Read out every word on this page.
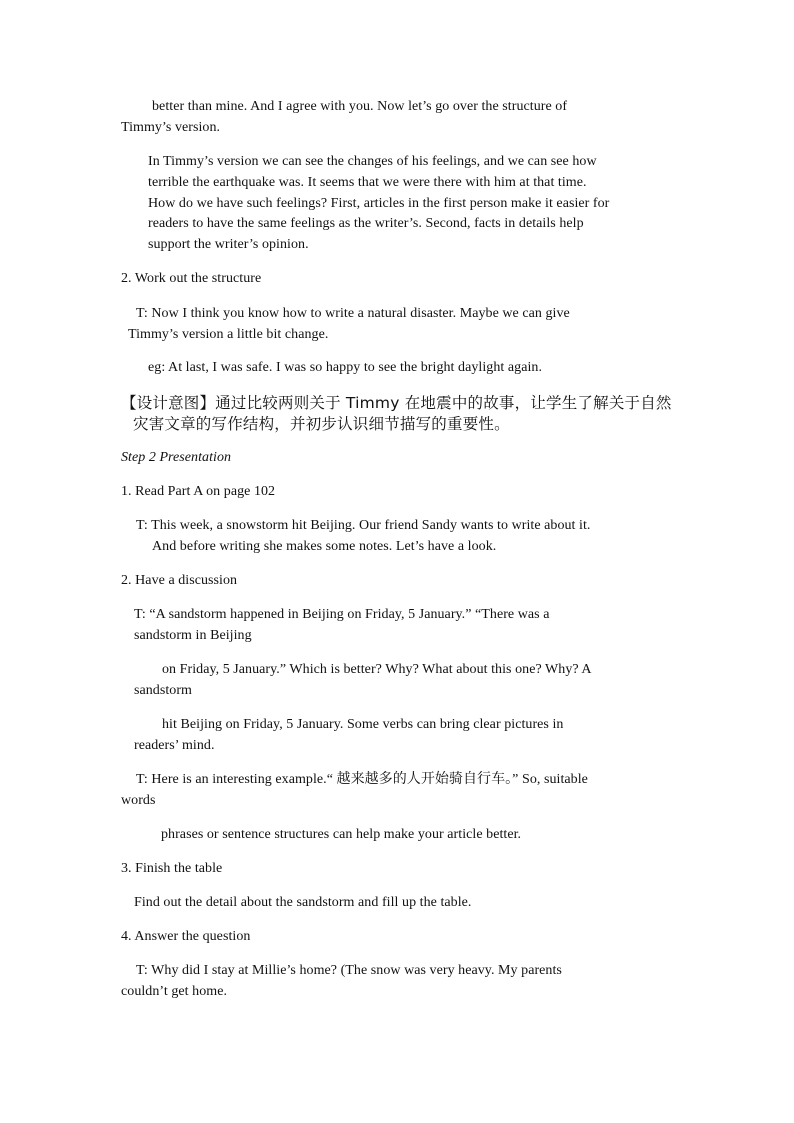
better than mine. And I agree with you. Now let’s go over the structure of
Timmy’s version.
In Timmy’s version we can see the changes of his feelings, and we can see how
terrible the earthquake was. It seems that we were there with him at that time.
How do we have such feelings? First, articles in the first person make it easier for
readers to have the same feelings as the writer’s. Second, facts in details help
support the writer’s opinion.
2. Work out the structure
T: Now I think you know how to write a natural disaster. Maybe we can give
Timmy’s version a little bit change.
eg: At last, I was safe. I was so happy to see the bright daylight again.
【设计意图】通过比较两则关于 Timmy 在地震中的故事，让学生了解关于自然
灾害文章的写作结构，并初步认识细节描写的重要性。
Step 2 Presentation
1. Read Part A on page 102
T: This week, a snowstorm hit Beijing. Our friend Sandy wants to write about it.
And before writing she makes some notes. Let’s have a look.
2. Have a discussion
T: “A sandstorm happened in Beijing on Friday, 5 January.” “There was a
sandstorm in Beijing
on Friday, 5 January.” Which is better? Why? What about this one? Why? A
sandstorm
hit Beijing on Friday, 5 January. Some verbs can bring clear pictures in
readers’ mind.
T: Here is an interesting example.“ 越来越多的人开始骑自行车。” So, suitable
words
phrases or sentence structures can help make your article better.
3. Finish the table
Find out the detail about the sandstorm and fill up the table.
4. Answer the question
T: Why did I stay at Millie’s home? (The snow was very heavy. My parents
couldn’t get home.
